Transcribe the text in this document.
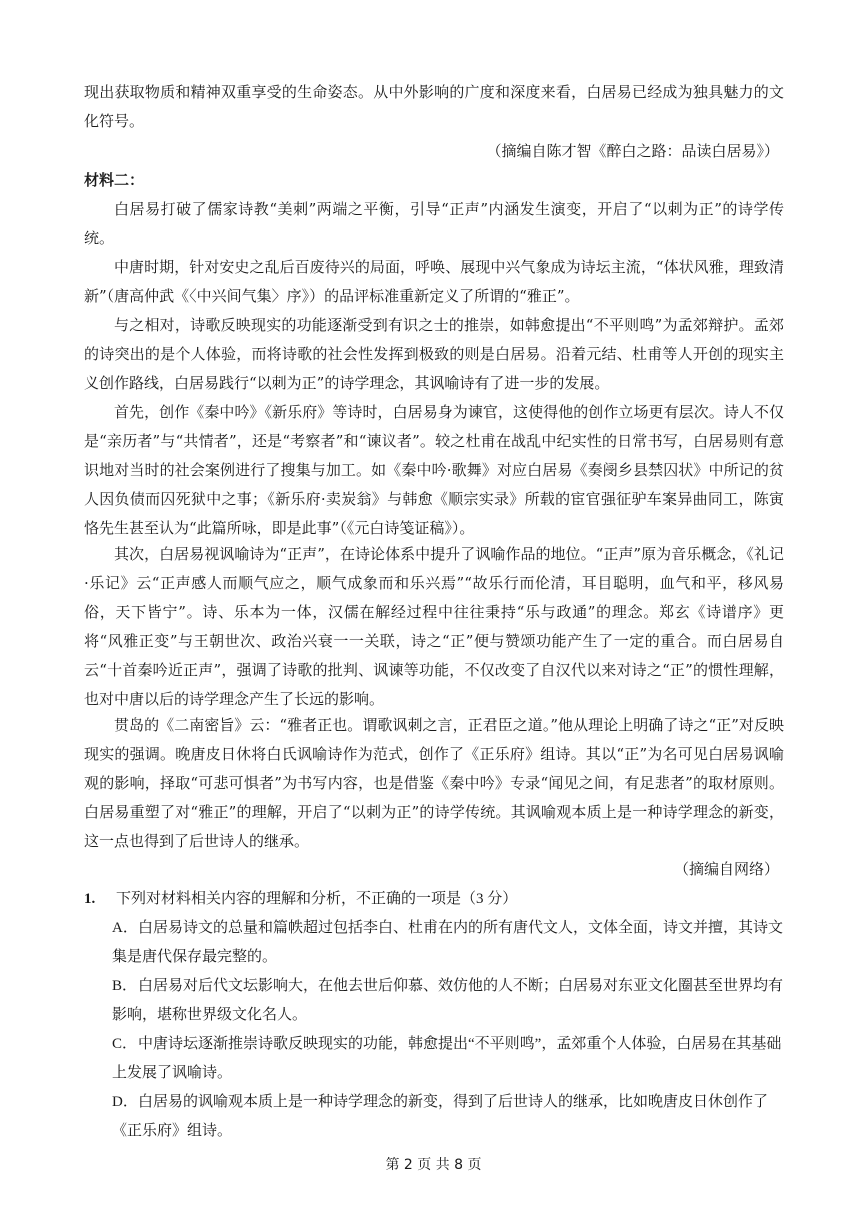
现出获取物质和精神双重享受的生命姿态。从中外影响的广度和深度来看，白居易已经成为独具魅力的文化符号。

（摘编自陈才智《醉白之路：品读白居易》）

材料二：

白居易打破了儒家诗教“美刺”两端之平衡，引导“正声”内涵发生演变，开启了“以刺为正”的诗学传统。

中唐时期，针对安史之乱后百废待兴的局面，呼唤、展现中兴气象成为诗坛主流，“体状风雅，理致清新”（唐高仲武《〈中兴间气集〉序》）的品评标准重新定义了所谓的“雅正”。

与之相对，诗歌反映现实的功能逐渐受到有识之士的推崇，如韩愈提出“不平则鸣”为孟郊辩护。孟郊的诗突出的是个人体验，而将诗歌的社会性发挥到极致的则是白居易。沿着元结、杜甫等人开创的现实主义创作路线，白居易践行“以刺为正”的诗学理念，其讽喻诗有了进一步的发展。

首先，创作《秦中吟》《新乐府》等诗时，白居易身为谏官，这使得他的创作立场更有层次。诗人不仅是“亲历者”与“共情者”，还是“考察者”和“谏议者”。较之杜甫在战乱中纪实性的日常书写，白居易则有意识地对当时的社会案例进行了搜集与加工。如《秦中吟·歌舞》对应白居易《奏阌乡县禁囚状》中所记的贫人因负债而囚死狱中之事；《新乐府·卖炭翁》与韩愈《顺宗实录》所载的宦官强征驴车案异曲同工，陈寅恪先生甚至认为“此篇所咏，即是此事”（《元白诗笺证稿》）。

其次，白居易视讽喻诗为“正声”，在诗论体系中提升了讽喻作品的地位。“正声”原为音乐概念，《礼记·乐记》云“正声感人而顺气应之，顺气成象而和乐兴焉”“故乐行而伦清，耳目聪明，血气和平，移风易俗，天下皆宁”。诗、乐本为一体，汉儒在解经过程中往往秉持“乐与政通”的理念。郑玄《诗谱序》更将“风雅正变”与王朝世次、政治兴衰一一关联，诗之“正”便与赞颂功能产生了一定的重合。而白居易自云“十首秦吟近正声”，强调了诗歌的批判、讽谏等功能，不仅改变了自汉代以来对诗之“正”的惯性理解，也对中唐以后的诗学理念产生了长远的影响。

贯岛的《二南密旨》云：“雅者正也。谓歌讽刺之言，正君臣之道。”他从理论上明确了诗之“正”对反映现实的强调。晚唐皮日休将白氏讽喻诗作为范式，创作了《正乐府》组诗。其以“正”为名可见白居易讽喻观的影响，择取“可悲可惧者”为书写内容，也是借鉴《秦中吟》专录“闻见之间，有足悲者”的取材原则。白居易重塑了对“雅正”的理解，开启了“以刺为正”的诗学传统。其讽喻观本质上是一种诗学理念的新变，这一点也得到了后世诗人的继承。

（摘编自网络）

1. 下列对材料相关内容的理解和分析，不正确的一项是（3 分）

A．白居易诗文的总量和篇帙超过包括李白、杜甫在内的所有唐代文人，文体全面，诗文并擅，其诗文集是唐代保存最完整的。

B．白居易对后代文坛影响大，在他去世后仰慕、效仿他的人不断；白居易对东亚文化圈甚至世界均有影响，堪称世界级文化名人。

C．中唐诗坛逐渐推崇诗歌反映现实的功能，韩愈提出“不平则鸣”，孟郊重个人体验，白居易在其基础上发展了讽喻诗。

D．白居易的讽喻观本质上是一种诗学理念的新变，得到了后世诗人的继承，比如晚唐皮日休创作了《正乐府》组诗。

第 2 页 共 8 页
